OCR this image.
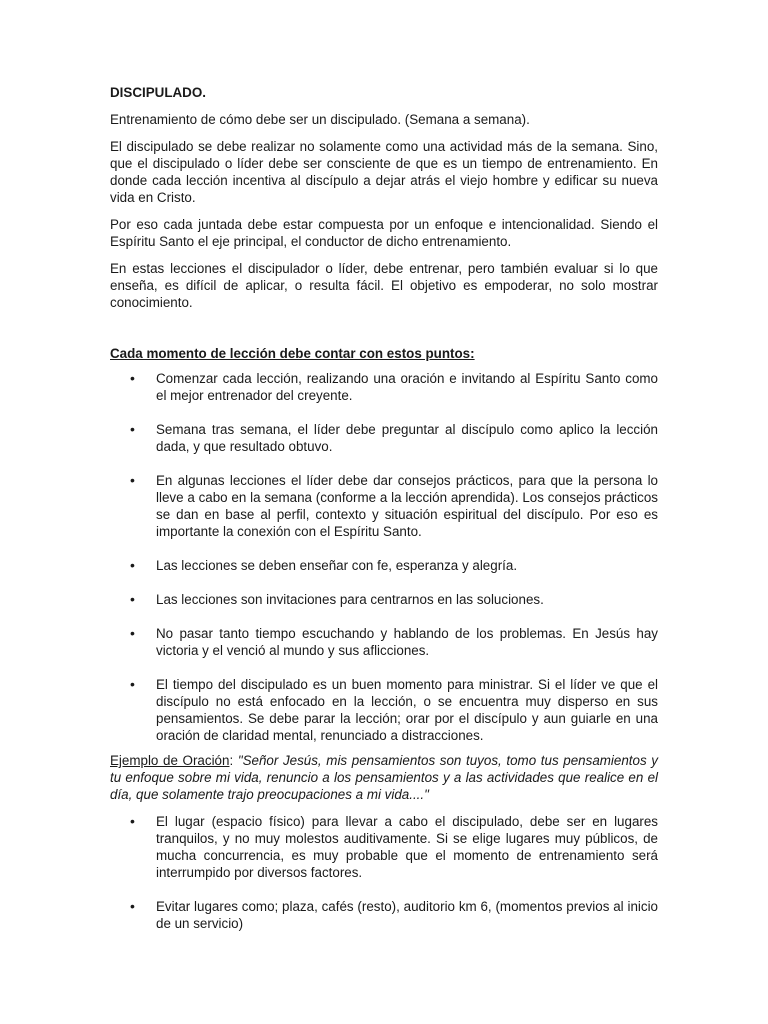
DISCIPULADO.

Entrenamiento de cómo debe ser un discipulado. (Semana a semana).

El discipulado se debe realizar no solamente como una actividad más de la semana. Sino, que el discipulado o líder debe ser consciente de que es un tiempo de entrenamiento. En donde cada lección incentiva al discípulo a dejar atrás el viejo hombre y edificar su nueva vida en Cristo.

Por eso cada juntada debe estar compuesta por un enfoque e intencionalidad. Siendo el Espíritu Santo el eje principal, el conductor de dicho entrenamiento.

En estas lecciones el discipulador o líder, debe entrenar, pero también evaluar si lo que enseña, es difícil de aplicar, o resulta fácil. El objetivo es empoderar, no solo mostrar conocimiento.

Cada momento de lección debe contar con estos puntos:
• Comenzar cada lección, realizando una oración e invitando al Espíritu Santo como el mejor entrenador del creyente.
• Semana tras semana, el líder debe preguntar al discípulo como aplico la lección dada, y que resultado obtuvo.
• En algunas lecciones el líder debe dar consejos prácticos, para que la persona lo lleve a cabo en la semana (conforme a la lección aprendida). Los consejos prácticos se dan en base al perfil, contexto y situación espiritual del discípulo. Por eso es importante la conexión con el Espíritu Santo.
• Las lecciones se deben enseñar con fe, esperanza y alegría.
• Las lecciones son invitaciones para centrarnos en las soluciones.
• No pasar tanto tiempo escuchando y hablando de los problemas. En Jesús hay victoria y el venció al mundo y sus aflicciones.
• El tiempo del discipulado es un buen momento para ministrar. Si el líder ve que el discípulo no está enfocado en la lección, o se encuentra muy disperso en sus pensamientos. Se debe parar la lección; orar por el discípulo y aun guiarle en una oración de claridad mental, renunciado a distracciones.
Ejemplo de Oración: "Señor Jesús, mis pensamientos son tuyos, tomo tus pensamientos y tu enfoque sobre mi vida, renuncio a los pensamientos y a las actividades que realice en el día, que solamente trajo preocupaciones a mi vida...."
• El lugar (espacio físico) para llevar a cabo el discipulado, debe ser en lugares tranquilos, y no muy molestos auditivamente. Si se elige lugares muy públicos, de mucha concurrencia, es muy probable que el momento de entrenamiento será interrumpido por diversos factores.
• Evitar lugares como; plaza, cafés (resto), auditorio km 6, (momentos previos al inicio de un servicio)
